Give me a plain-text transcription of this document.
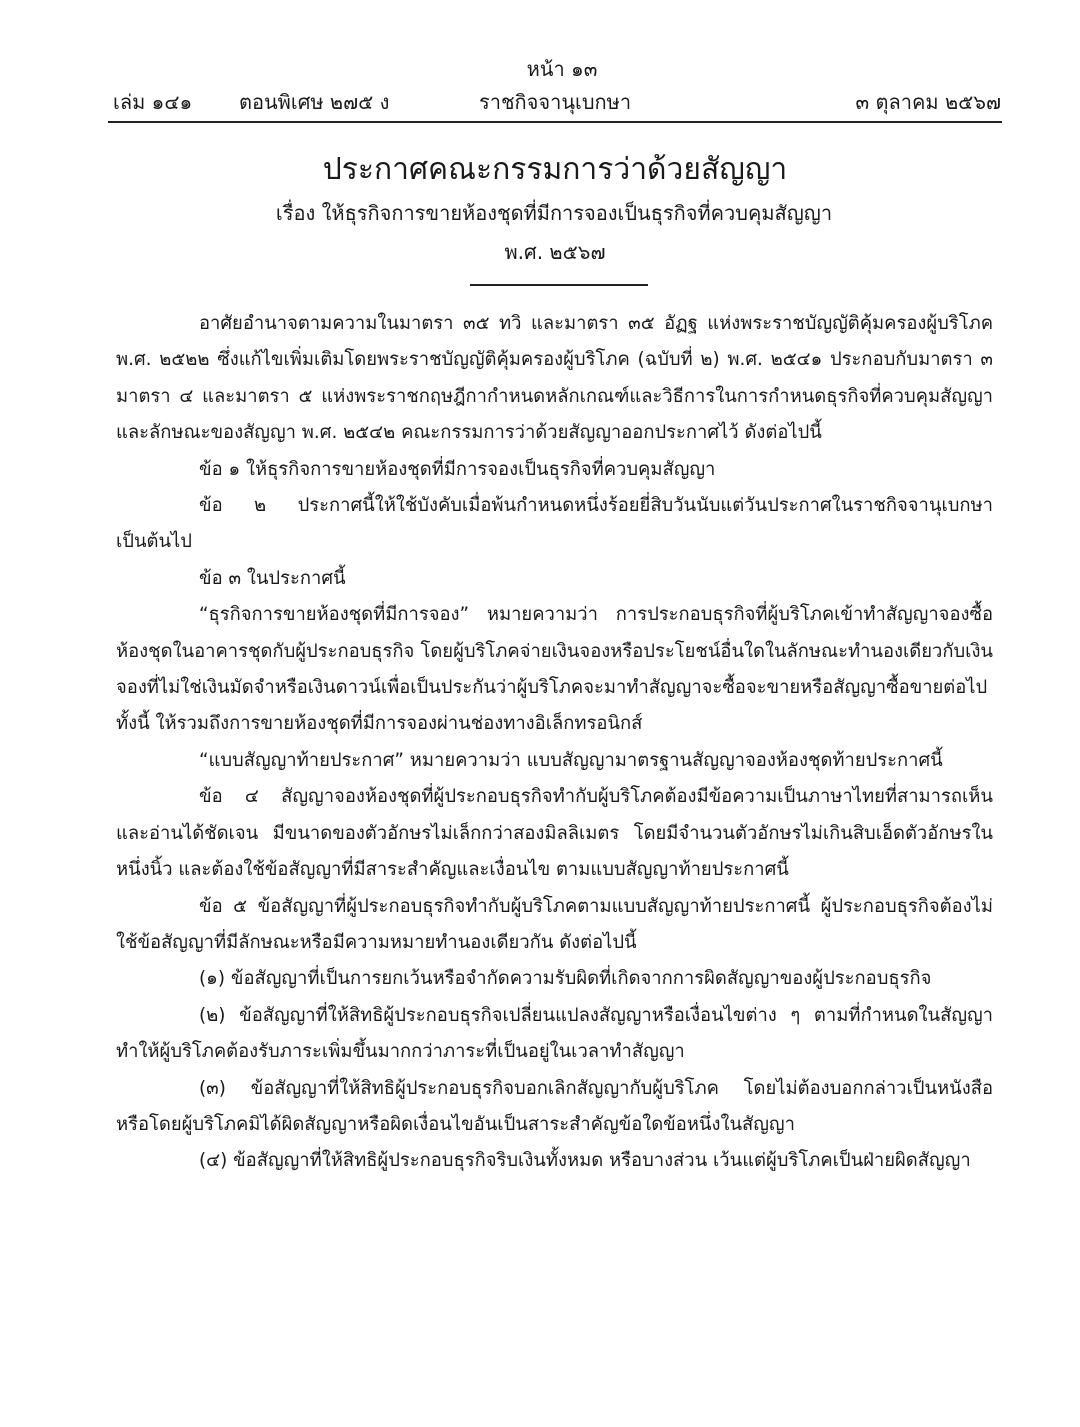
หน้า ๑๓
เล่ม ๑๔๑ ตอนพิเศษ ๒๗๕ ง	ราชกิจจานุเบกษา	๓ ตุลาคม ๒๕๖๗
ประกาศคณะกรรมการว่าด้วยสัญญา
เรื่อง ให้ธุรกิจการขายห้องชุดที่มีการจองเป็นธุรกิจที่ควบคุมสัญญา
พ.ศ. ๒๕๖๗

อาศัยอำนาจตามความในมาตรา ๓๕ ทวิ และมาตรา ๓๕ อัฏฐ แห่งพระราชบัญญัติคุ้มครองผู้บริโภค พ.ศ. ๒๕๒๒ ซึ่งแก้ไขเพิ่มเติมโดยพระราชบัญญัติคุ้มครองผู้บริโภค (ฉบับที่ ๒) พ.ศ. ๒๕๔๑ ประกอบกับมาตรา ๓ มาตรา ๔ และมาตรา ๕ แห่งพระราชกฤษฎีกากำหนดหลักเกณฑ์และวิธีการในการกำหนดธุรกิจที่ควบคุมสัญญาและลักษณะของสัญญา พ.ศ. ๒๕๔๒ คณะกรรมการว่าด้วยสัญญาออกประกาศไว้ ดังต่อไปนี้

ข้อ ๑ ให้ธุรกิจการขายห้องชุดที่มีการจองเป็นธุรกิจที่ควบคุมสัญญา

ข้อ ๒ ประกาศนี้ให้ใช้บังคับเมื่อพ้นกำหนดหนึ่งร้อยยี่สิบวันนับแต่วันประกาศในราชกิจจานุเบกษาเป็นต้นไป

ข้อ ๓ ในประกาศนี้

“ธุรกิจการขายห้องชุดที่มีการจอง” หมายความว่า การประกอบธุรกิจที่ผู้บริโภคเข้าทำสัญญาจองซื้อห้องชุดในอาคารชุดกับผู้ประกอบธุรกิจ โดยผู้บริโภคจ่ายเงินจองหรือประโยชน์อื่นใดในลักษณะทำนองเดียวกับเงินจองที่ไม่ใช่เงินมัดจำหรือเงินดาวน์เพื่อเป็นประกันว่าผู้บริโภคจะมาทำสัญญาจะซื้อจะขายหรือสัญญาซื้อขายต่อไป ทั้งนี้ ให้รวมถึงการขายห้องชุดที่มีการจองผ่านช่องทางอิเล็กทรอนิกส์

“แบบสัญญาท้ายประกาศ” หมายความว่า แบบสัญญามาตรฐานสัญญาจองห้องชุดท้ายประกาศนี้

ข้อ ๔ สัญญาจองห้องชุดที่ผู้ประกอบธุรกิจทำกับผู้บริโภคต้องมีข้อความเป็นภาษาไทยที่สามารถเห็นและอ่านได้ชัดเจน มีขนาดของตัวอักษรไม่เล็กกว่าสองมิลลิเมตร โดยมีจำนวนตัวอักษรไม่เกินสิบเอ็ดตัวอักษรในหนึ่งนิ้ว และต้องใช้ข้อสัญญาที่มีสาระสำคัญและเงื่อนไข ตามแบบสัญญาท้ายประกาศนี้

ข้อ ๕ ข้อสัญญาที่ผู้ประกอบธุรกิจทำกับผู้บริโภคตามแบบสัญญาท้ายประกาศนี้ ผู้ประกอบธุรกิจต้องไม่ใช้ข้อสัญญาที่มีลักษณะหรือมีความหมายทำนองเดียวกัน ดังต่อไปนี้

(๑) ข้อสัญญาที่เป็นการยกเว้นหรือจำกัดความรับผิดที่เกิดจากการผิดสัญญาของผู้ประกอบธุรกิจ

(๒) ข้อสัญญาที่ให้สิทธิผู้ประกอบธุรกิจเปลี่ยนแปลงสัญญาหรือเงื่อนไขต่าง ๆ ตามที่กำหนดในสัญญา ทำให้ผู้บริโภคต้องรับภาระเพิ่มขึ้นมากกว่าภาระที่เป็นอยู่ในเวลาทำสัญญา

(๓) ข้อสัญญาที่ให้สิทธิผู้ประกอบธุรกิจบอกเลิกสัญญากับผู้บริโภค โดยไม่ต้องบอกกล่าวเป็นหนังสือ หรือโดยผู้บริโภคมิได้ผิดสัญญาหรือผิดเงื่อนไขอันเป็นสาระสำคัญข้อใดข้อหนึ่งในสัญญา

(๔) ข้อสัญญาที่ให้สิทธิผู้ประกอบธุรกิจริบเงินทั้งหมด หรือบางส่วน เว้นแต่ผู้บริโภคเป็นฝ่ายผิดสัญญา
